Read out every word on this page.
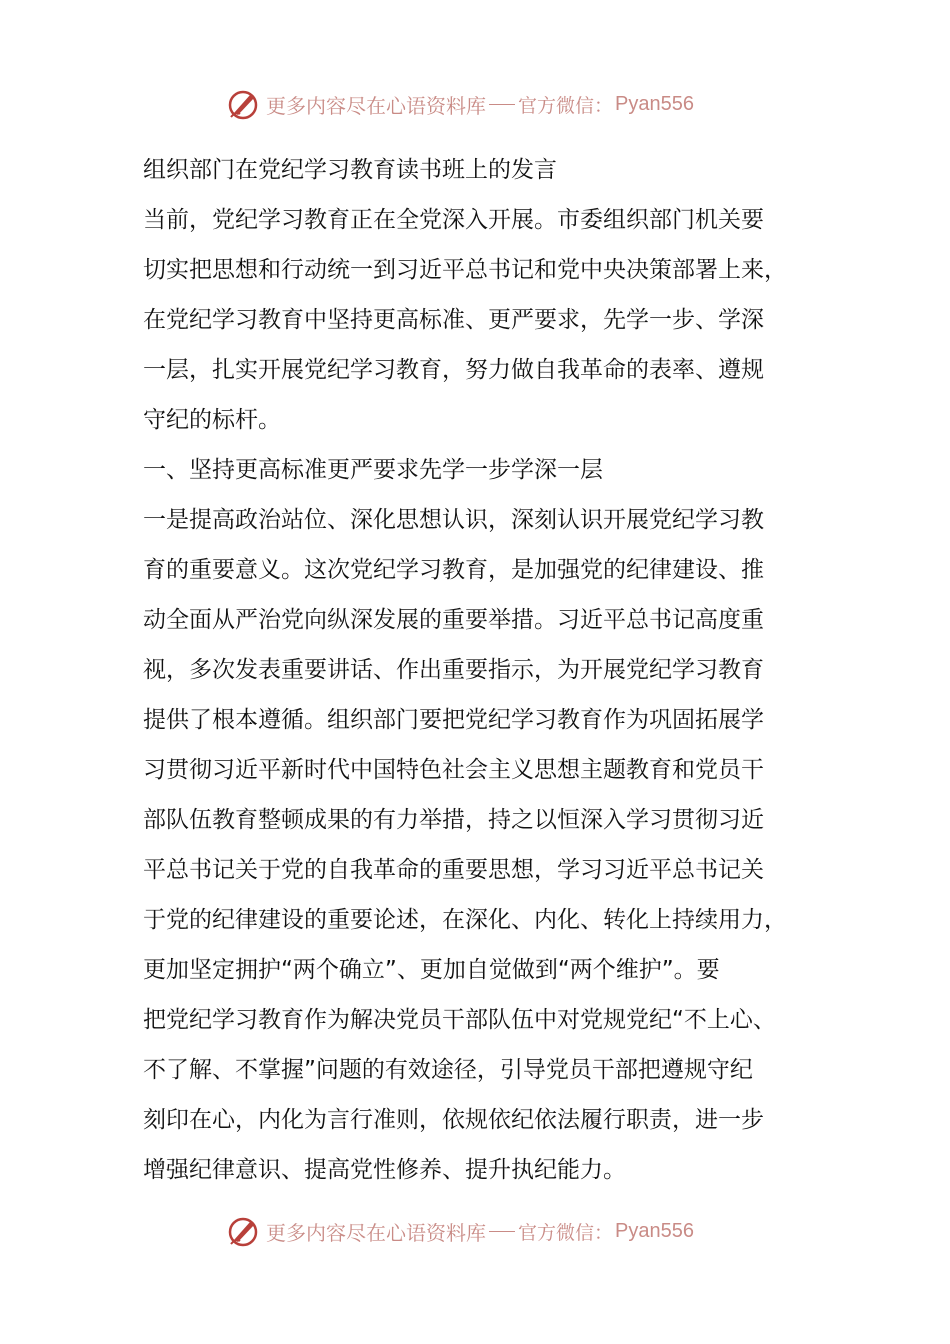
更多内容尽在心语资料库 官方微信： Pyan556
组织部门在党纪学习教育读书班上的发言
当前，党纪学习教育正在全党深入开展。市委组织部门机关要
切实把思想和行动统一到习近平总书记和党中央决策部署上来，
在党纪学习教育中坚持更高标准、更严要求，先学一步、学深
一层，扎实开展党纪学习教育，努力做自我革命的表率、遵规
守纪的标杆。
一、坚持更高标准更严要求先学一步学深一层
一是提高政治站位、深化思想认识，深刻认识开展党纪学习教
育的重要意义。这次党纪学习教育，是加强党的纪律建设、推
动全面从严治党向纵深发展的重要举措。习近平总书记高度重
视，多次发表重要讲话、作出重要指示，为开展党纪学习教育
提供了根本遵循。组织部门要把党纪学习教育作为巩固拓展学
习贯彻习近平新时代中国特色社会主义思想主题教育和党员干
部队伍教育整顿成果的有力举措，持之以恒深入学习贯彻习近
平总书记关于党的自我革命的重要思想，学习习近平总书记关
于党的纪律建设的重要论述，在深化、内化、转化上持续用力，
更加坚定拥护“两个确立”、更加自觉做到“两个维护”。要
把党纪学习教育作为解决党员干部队伍中对党规党纪“不上心、
不了解、不掌握”问题的有效途径，引导党员干部把遵规守纪
刻印在心，内化为言行准则，依规依纪依法履行职责，进一步
增强纪律意识、提高党性修养、提升执纪能力。
更多内容尽在心语资料库 官方微信： Pyan556
